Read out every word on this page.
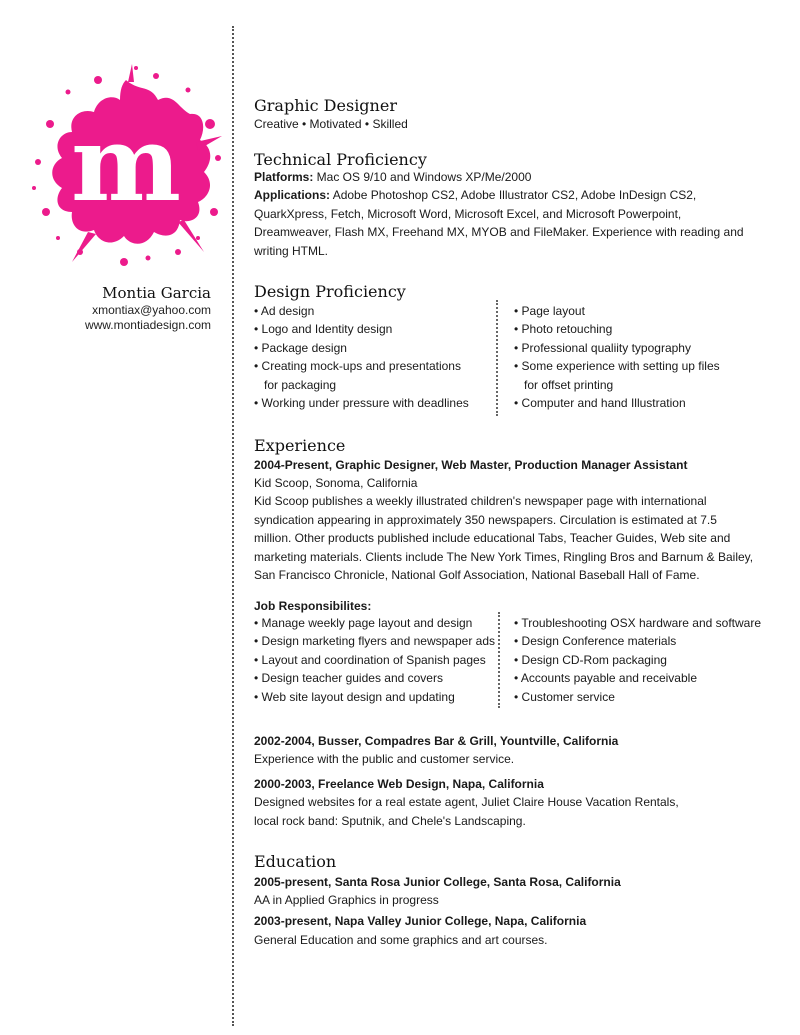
m
Montia Garcia
xmontiax@yahoo.com
www.montiadesign.com
Graphic Designer
Creative • Motivated • Skilled
Technical Proficiency
Platforms: Mac OS 9/10 and Windows XP/Me/2000
Applications: Adobe Photoshop CS2, Adobe Illustrator CS2, Adobe InDesign CS2, QuarkXpress, Fetch, Microsoft Word, Microsoft Excel, and Microsoft Powerpoint, Dreamweaver, Flash MX, Freehand MX, MYOB and FileMaker. Experience with reading and writing HTML.
Design Proficiency
• Ad design
• Logo and Identity design
• Package design
• Creating mock-ups and presentations
for packaging
• Working under pressure with deadlines
• Page layout
• Photo retouching
• Professional qualiity typography
• Some experience with setting up files
for offset printing
• Computer and hand Illustration
Experience
2004-Present, Graphic Designer, Web Master, Production Manager Assistant
Kid Scoop, Sonoma, California
Kid Scoop publishes a weekly illustrated children's newspaper page with international syndication appearing in approximately 350 newspapers. Circulation is estimated at 7.5 million. Other products published include educational Tabs, Teacher Guides, Web site and marketing materials. Clients include The New York Times, Ringling Bros and Barnum & Bailey, San Francisco Chronicle, National Golf Association, National Baseball Hall of Fame.
Job Responsibilites:
• Manage weekly page layout and design
• Design marketing flyers and newspaper ads
• Layout and coordination of Spanish pages
• Design teacher guides and covers
• Web site layout design and updating
• Troubleshooting OSX hardware and software
• Design Conference materials
• Design CD-Rom packaging
• Accounts payable and receivable
• Customer service
2002-2004, Busser, Compadres Bar & Grill, Yountville, California
Experience with the public and customer service.
2000-2003, Freelance Web Design, Napa, California
Designed websites for a real estate agent, Juliet Claire House Vacation Rentals, local rock band: Sputnik, and Chele's Landscaping.
Education
2005-present, Santa Rosa Junior College, Santa Rosa, California
AA in Applied Graphics in progress
2003-present, Napa Valley Junior College, Napa, California
General Education and some graphics and art courses.
